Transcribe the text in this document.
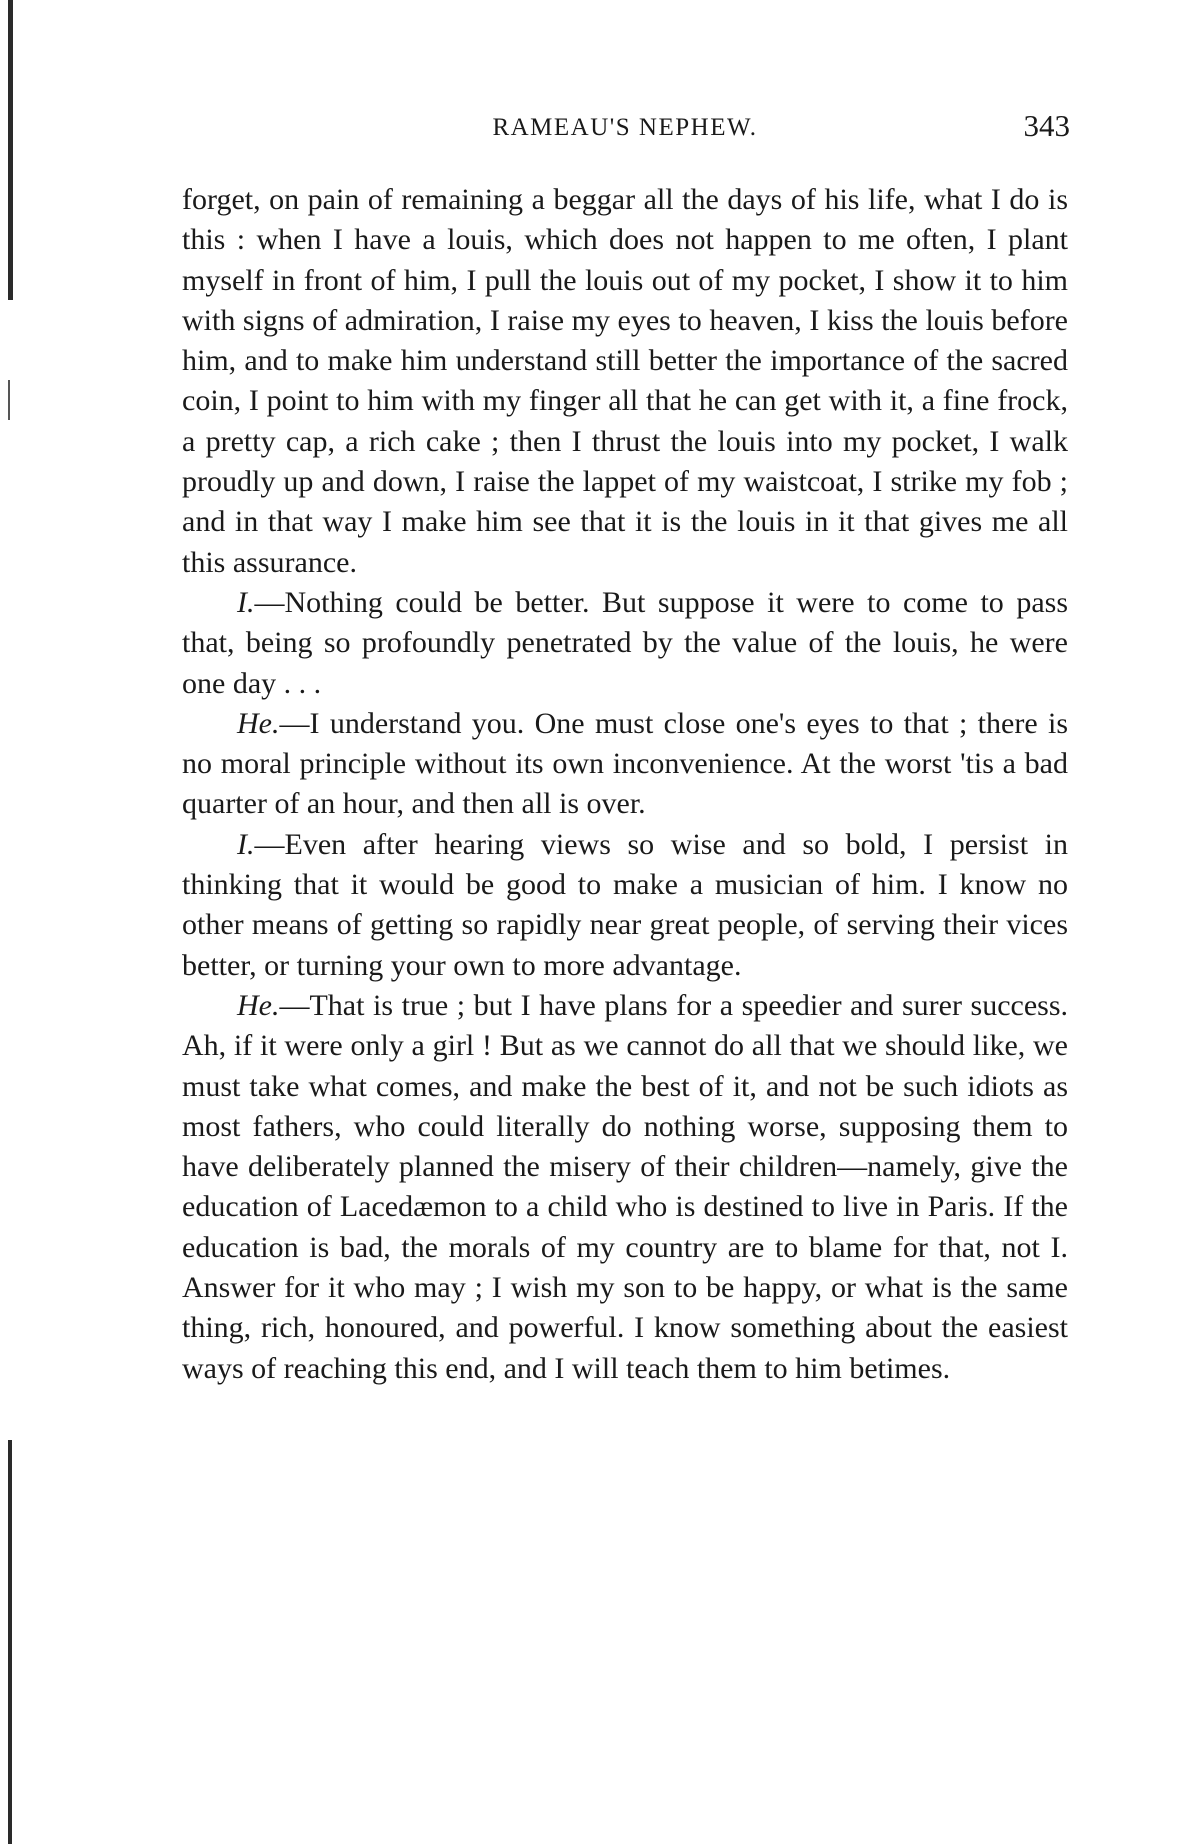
RAMEAU'S NEPHEW.	343

forget, on pain of remaining a beggar all the days of his life, what I do is this : when I have a louis, which does not happen to me often, I plant myself in front of him, I pull the louis out of my pocket, I show it to him with signs of admiration, I raise my eyes to heaven, I kiss the louis before him, and to make him understand still better the importance of the sacred coin, I point to him with my finger all that he can get with it, a fine frock, a pretty cap, a rich cake ; then I thrust the louis into my pocket, I walk proudly up and down, I raise the lappet of my waistcoat, I strike my fob ; and in that way I make him see that it is the louis in it that gives me all this assurance.

I.—Nothing could be better. But suppose it were to come to pass that, being so profoundly penetrated by the value of the louis, he were one day . . .

He.—I understand you. One must close one's eyes to that ; there is no moral principle without its own inconvenience. At the worst 'tis a bad quarter of an hour, and then all is over.

I.—Even after hearing views so wise and so bold, I persist in thinking that it would be good to make a musician of him. I know no other means of getting so rapidly near great people, of serving their vices better, or turning your own to more advantage.

He.—That is true ; but I have plans for a speedier and surer success. Ah, if it were only a girl ! But as we cannot do all that we should like, we must take what comes, and make the best of it, and not be such idiots as most fathers, who could literally do nothing worse, supposing them to have deliberately planned the misery of their children—namely, give the education of Lacedæmon to a child who is destined to live in Paris. If the education is bad, the morals of my country are to blame for that, not I. Answer for it who may ; I wish my son to be happy, or what is the same thing, rich, honoured, and powerful. I know something about the easiest ways of reaching this end, and I will teach them to him betimes.
